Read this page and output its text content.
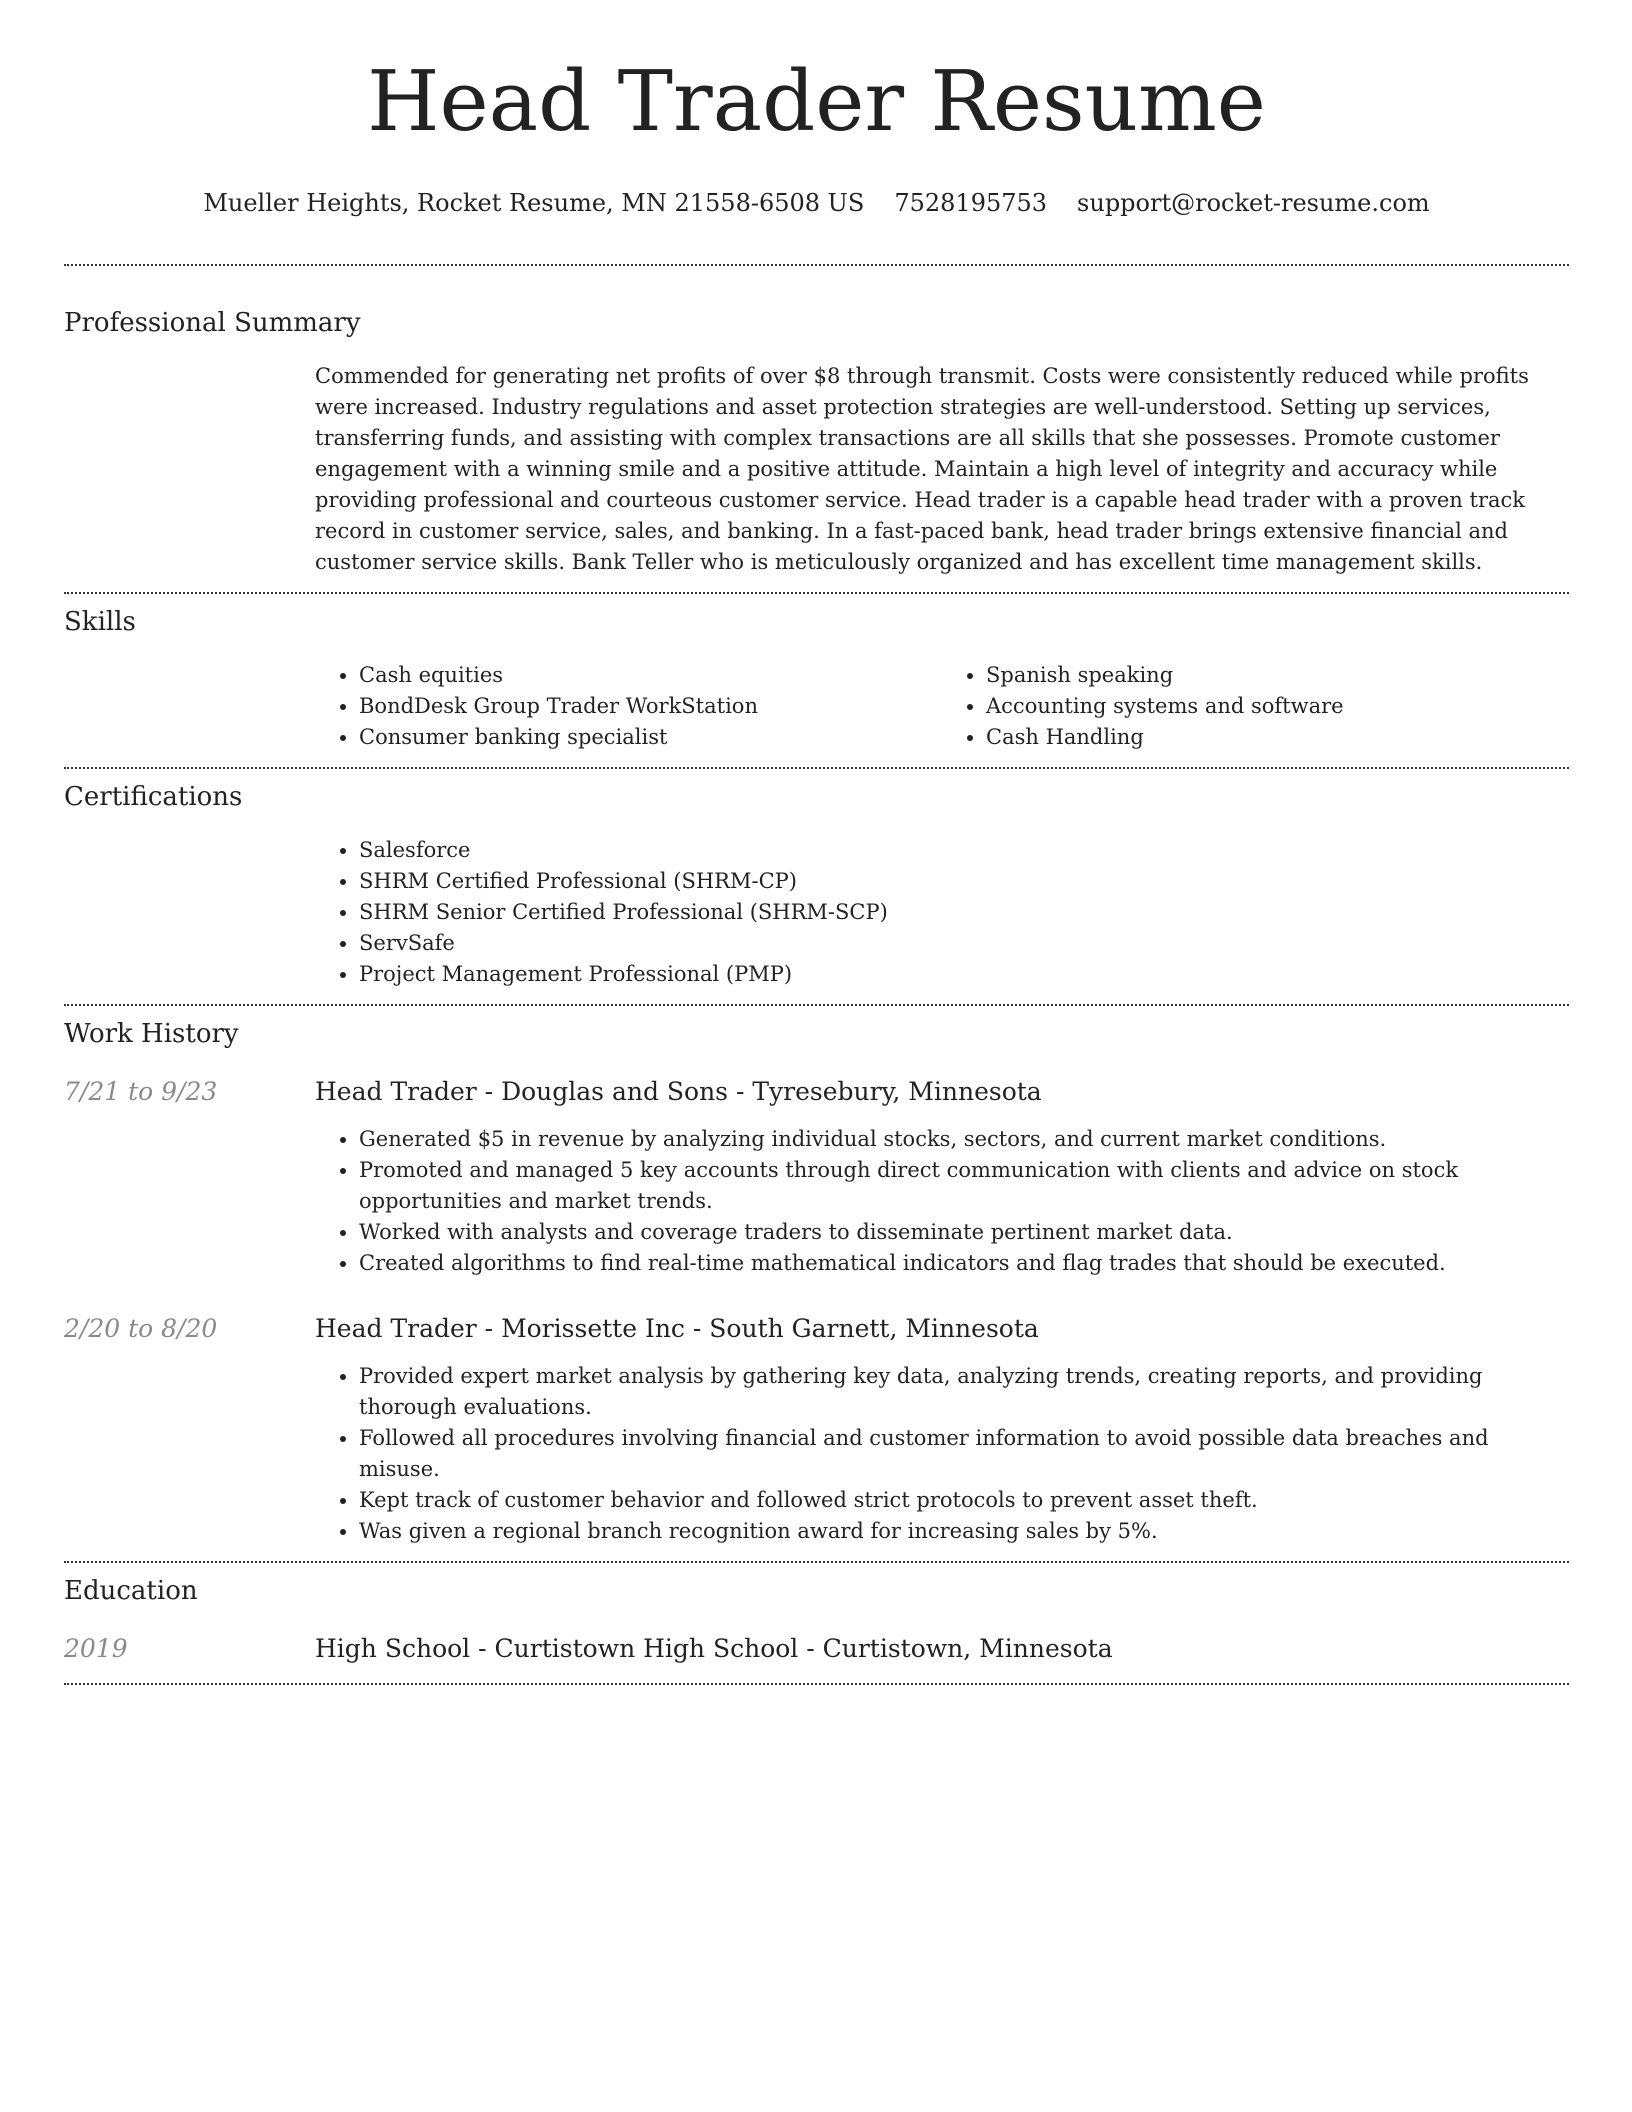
Head Trader Resume
Mueller Heights, Rocket Resume, MN 21558-6508 US 7528195753 support@rocket-resume.com
Professional Summary
Commended for generating net profits of over $8 through transmit. Costs were consistently reduced while profits were increased. Industry regulations and asset protection strategies are well-understood. Setting up services, transferring funds, and assisting with complex transactions are all skills that she possesses. Promote customer engagement with a winning smile and a positive attitude. Maintain a high level of integrity and accuracy while providing professional and courteous customer service. Head trader is a capable head trader with a proven track record in customer service, sales, and banking. In a fast-paced bank, head trader brings extensive financial and customer service skills. Bank Teller who is meticulously organized and has excellent time management skills.
Skills
• Cash equities
• BondDesk Group Trader WorkStation
• Consumer banking specialist
• Spanish speaking
• Accounting systems and software
• Cash Handling
Certifications
• Salesforce
• SHRM Certified Professional (SHRM-CP)
• SHRM Senior Certified Professional (SHRM-SCP)
• ServSafe
• Project Management Professional (PMP)
Work History
7/21 to 9/23	Head Trader - Douglas and Sons - Tyresebury, Minnesota
• Generated $5 in revenue by analyzing individual stocks, sectors, and current market conditions.
• Promoted and managed 5 key accounts through direct communication with clients and advice on stock opportunities and market trends.
• Worked with analysts and coverage traders to disseminate pertinent market data.
• Created algorithms to find real-time mathematical indicators and flag trades that should be executed.
2/20 to 8/20	Head Trader - Morissette Inc - South Garnett, Minnesota
• Provided expert market analysis by gathering key data, analyzing trends, creating reports, and providing thorough evaluations.
• Followed all procedures involving financial and customer information to avoid possible data breaches and misuse.
• Kept track of customer behavior and followed strict protocols to prevent asset theft.
• Was given a regional branch recognition award for increasing sales by 5%.
Education
2019	High School - Curtistown High School - Curtistown, Minnesota
